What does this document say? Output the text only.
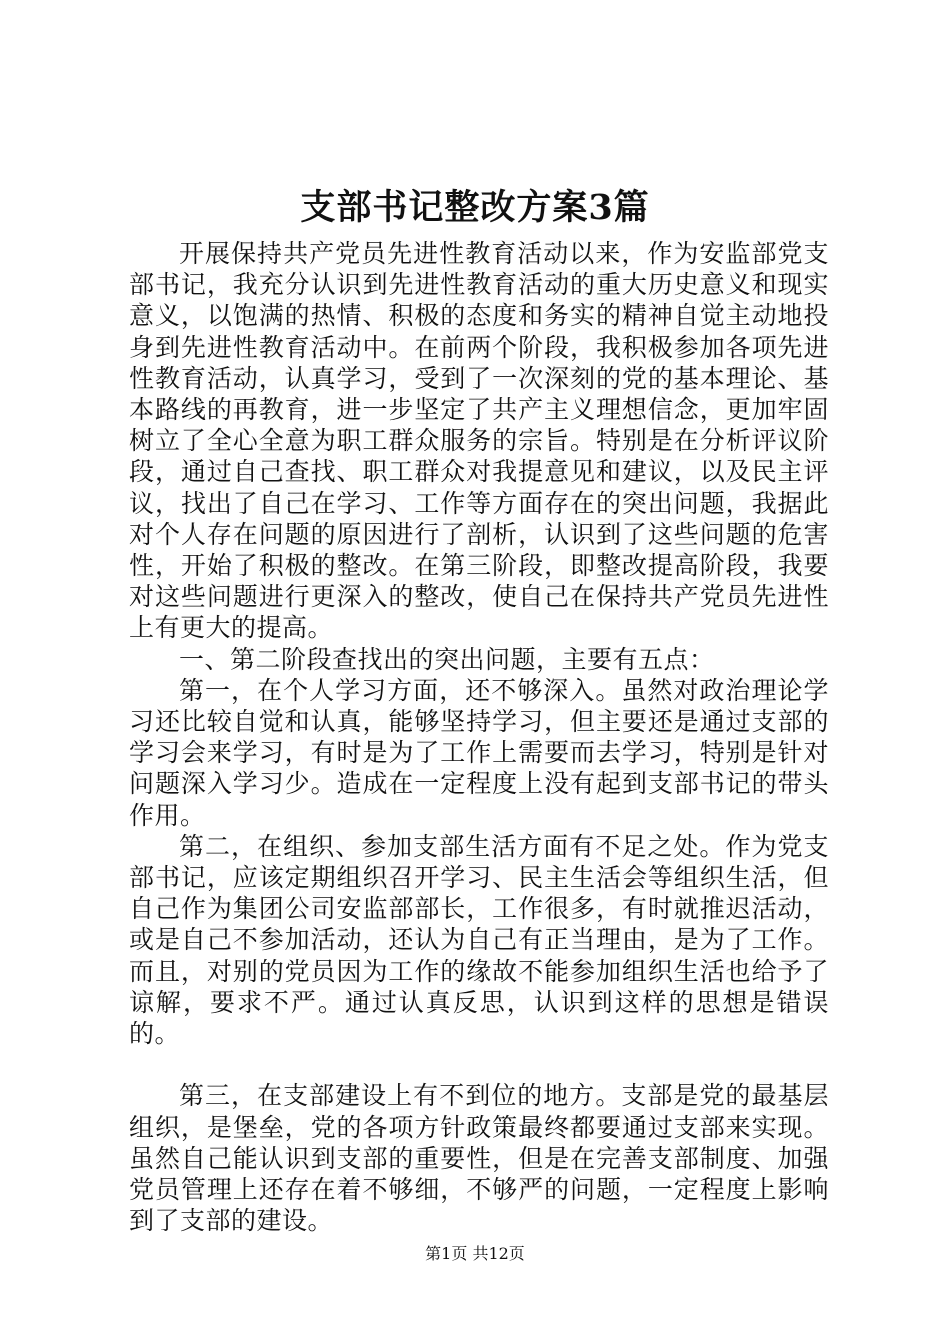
支部书记整改方案3篇

开展保持共产党员先进性教育活动以来，作为安监部党支部书记，我充分认识到先进性教育活动的重大历史意义和现实意义，以饱满的热情、积极的态度和务实的精神自觉主动地投身到先进性教育活动中。在前两个阶段，我积极参加各项先进性教育活动，认真学习，受到了一次深刻的党的基本理论、基本路线的再教育，进一步坚定了共产主义理想信念，更加牢固树立了全心全意为职工群众服务的宗旨。特别是在分析评议阶段，通过自己查找、职工群众对我提意见和建议，以及民主评议，找出了自己在学习、工作等方面存在的突出问题，我据此对个人存在问题的原因进行了剖析，认识到了这些问题的危害性，开始了积极的整改。在第三阶段，即整改提高阶段，我要对这些问题进行更深入的整改，使自己在保持共产党员先进性上有更大的提高。

一、第二阶段查找出的突出问题，主要有五点：

第一，在个人学习方面，还不够深入。虽然对政治理论学习还比较自觉和认真，能够坚持学习，但主要还是通过支部的学习会来学习，有时是为了工作上需要而去学习，特别是针对问题深入学习少。造成在一定程度上没有起到支部书记的带头作用。

第二，在组织、参加支部生活方面有不足之处。作为党支部书记，应该定期组织召开学习、民主生活会等组织生活，但自己作为集团公司安监部部长，工作很多，有时就推迟活动，或是自己不参加活动，还认为自己有正当理由，是为了工作。而且，对别的党员因为工作的缘故不能参加组织生活也给予了谅解，要求不严。通过认真反思，认识到这样的思想是错误的。

第三，在支部建设上有不到位的地方。支部是党的最基层组织，是堡垒，党的各项方针政策最终都要通过支部来实现。虽然自己能认识到支部的重要性，但是在完善支部制度、加强党员管理上还存在着不够细，不够严的问题，一定程度上影响到了支部的建设。

第1页 共12页
